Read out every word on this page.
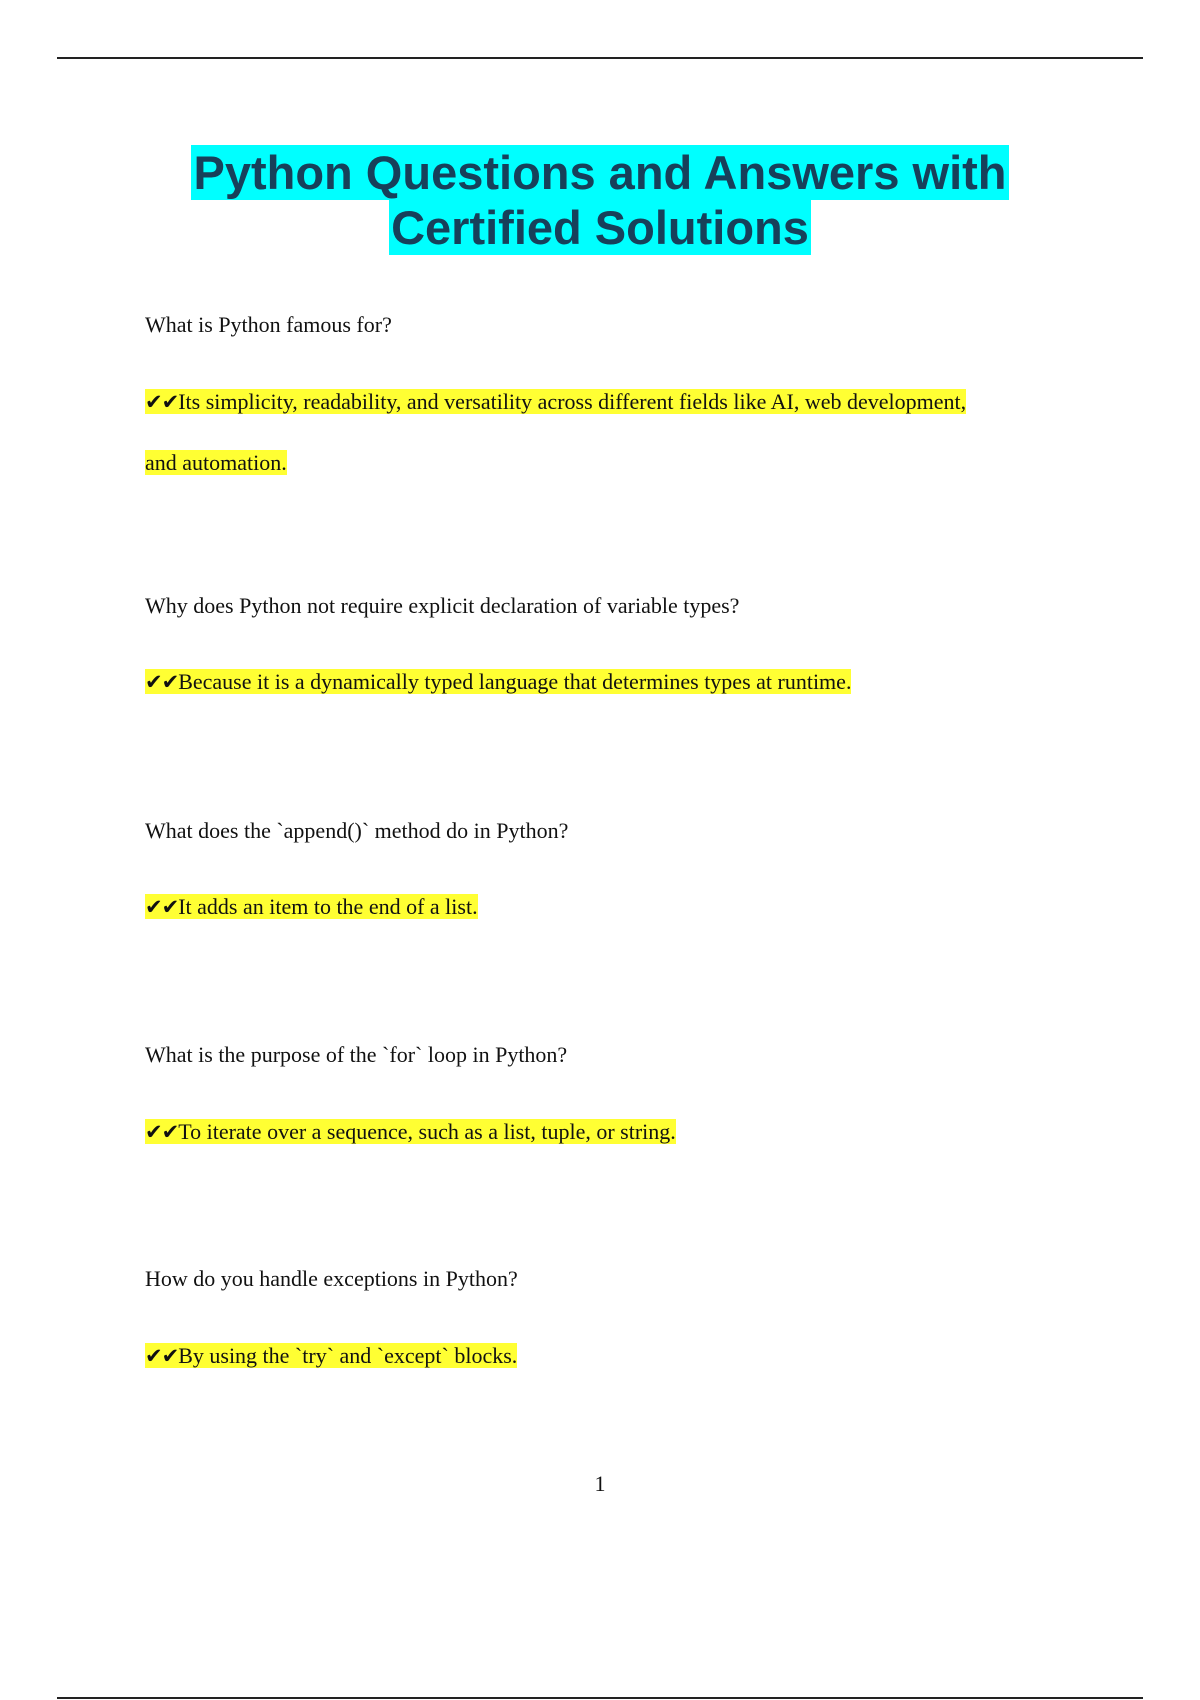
Python Questions and Answers with
Certified Solutions
What is Python famous for?
✔✔Its simplicity, readability, and versatility across different fields like AI, web development,
and automation.
Why does Python not require explicit declaration of variable types?
✔✔Because it is a dynamically typed language that determines types at runtime.
What does the `append()` method do in Python?
✔✔It adds an item to the end of a list.
What is the purpose of the `for` loop in Python?
✔✔To iterate over a sequence, such as a list, tuple, or string.
How do you handle exceptions in Python?
✔✔By using the `try` and `except` blocks.
1
